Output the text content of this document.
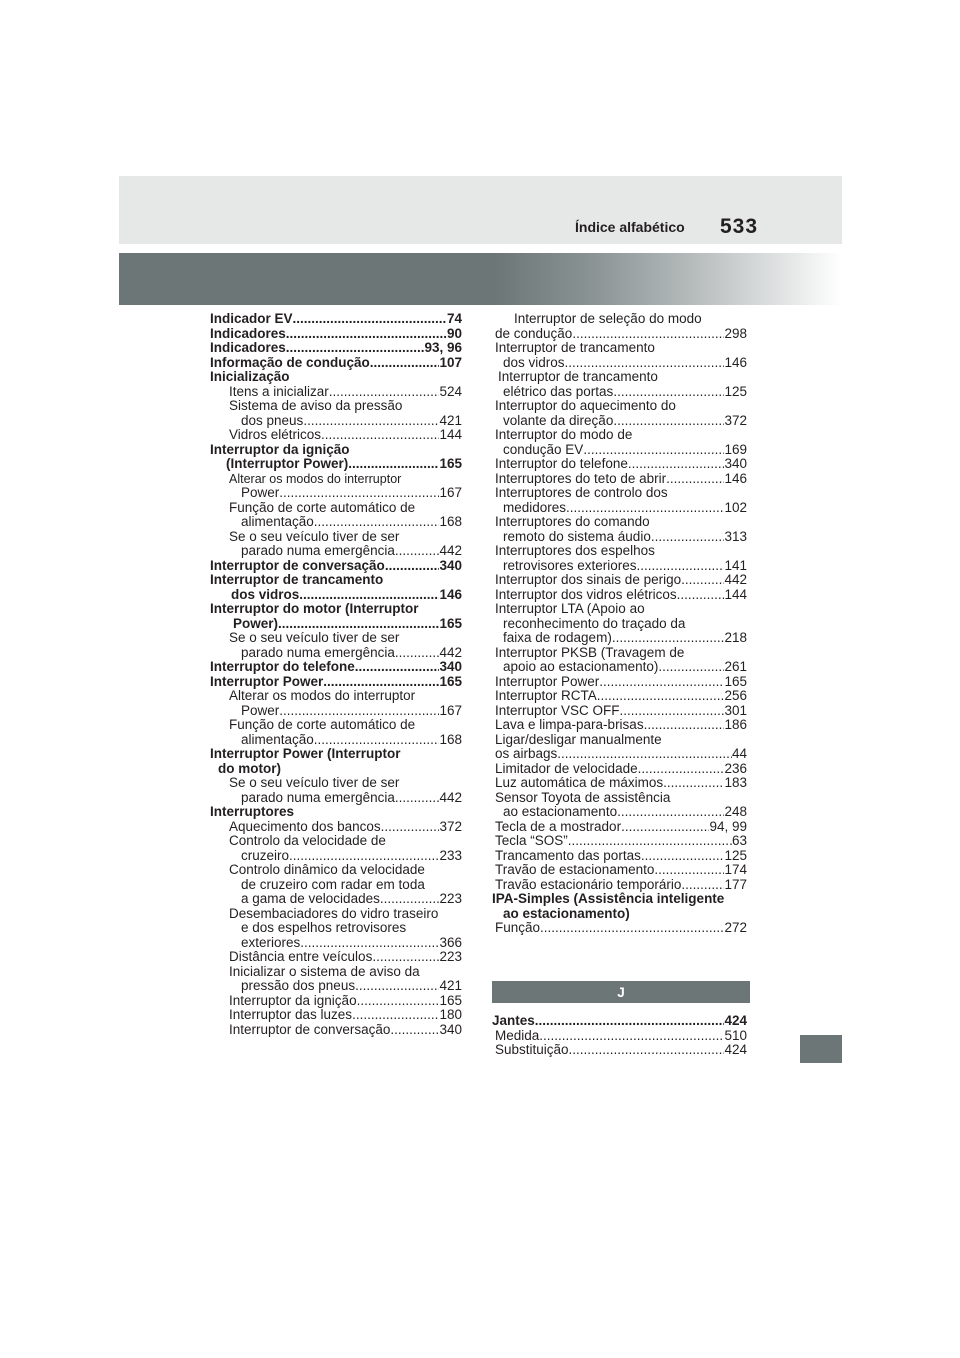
Índice alfabético 533
Indicador EV .....	74
Indicadores .....	90
Indicadores .....	93, 96
Informação de condução .....	107
Inicialização
Itens a inicializar .....	524
Sistema de aviso da pressão
dos pneus .....	421
Vidros elétricos .....	144
Interruptor da ignição
(Interruptor Power) .....	165
Alterar os modos do interruptor
Power .....	167
Função de corte automático de
alimentação .....	168
Se o seu veículo tiver de ser
parado numa emergência .....	442
Interruptor de conversação .....	340
Interruptor de trancamento
dos vidros .....	146
Interruptor do motor (Interruptor
Power) .....	165
Se o seu veículo tiver de ser
parado numa emergência .....	442
Interruptor do telefone .....	340
Interruptor Power .....	165
Alterar os modos do interruptor
Power .....	167
Função de corte automático de
alimentação .....	168
Interruptor Power (Interruptor
do motor)
Se o seu veículo tiver de ser
parado numa emergência .....	442
Interruptores
Aquecimento dos bancos .....	372
Controlo da velocidade de
cruzeiro .....	233
Controlo dinâmico da velocidade
de cruzeiro com radar em toda
a gama de velocidades .....	223
Desembaciadores do vidro traseiro
e dos espelhos retrovisores
exteriores .....	366
Distância entre veículos .....	223
Inicializar o sistema de aviso da
pressão dos pneus .....	421
Interruptor da ignição .....	165
Interruptor das luzes .....	180
Interruptor de conversação .....	340
Interruptor de seleção do modo
de condução .....	298
Interruptor de trancamento
dos vidros .....	146
Interruptor de trancamento
elétrico das portas .....	125
Interruptor do aquecimento do
volante da direção .....	372
Interruptor do modo de
condução EV .....	169
Interruptor do telefone .....	340
Interruptores do teto de abrir .....	146
Interruptores de controlo dos
medidores .....	102
Interruptores do comando
remoto do sistema áudio .....	313
Interruptores dos espelhos
retrovisores exteriores .....	141
Interruptor dos sinais de perigo .....	442
Interruptor dos vidros elétricos .....	144
Interruptor LTA (Apoio ao
reconhecimento do traçado da
faixa de rodagem) .....	218
Interruptor PKSB (Travagem de
apoio ao estacionamento) .....	261
Interruptor Power .....	165
Interruptor RCTA .....	256
Interruptor VSC OFF .....	301
Lava e limpa-para-brisas .....	186
Ligar/desligar manualmente
os airbags .....	44
Limitador de velocidade .....	236
Luz automática de máximos .....	183
Sensor Toyota de assistência
ao estacionamento .....	248
Tecla de a mostrador .....	94, 99
Tecla “SOS” .....	63
Trancamento das portas .....	125
Travão de estacionamento .....	174
Travão estacionário temporário .....	177
IPA-Simples (Assistência inteligente
ao estacionamento)
Função .....	272
J
Jantes .....	424
Medida .....	510
Substituição .....	424
